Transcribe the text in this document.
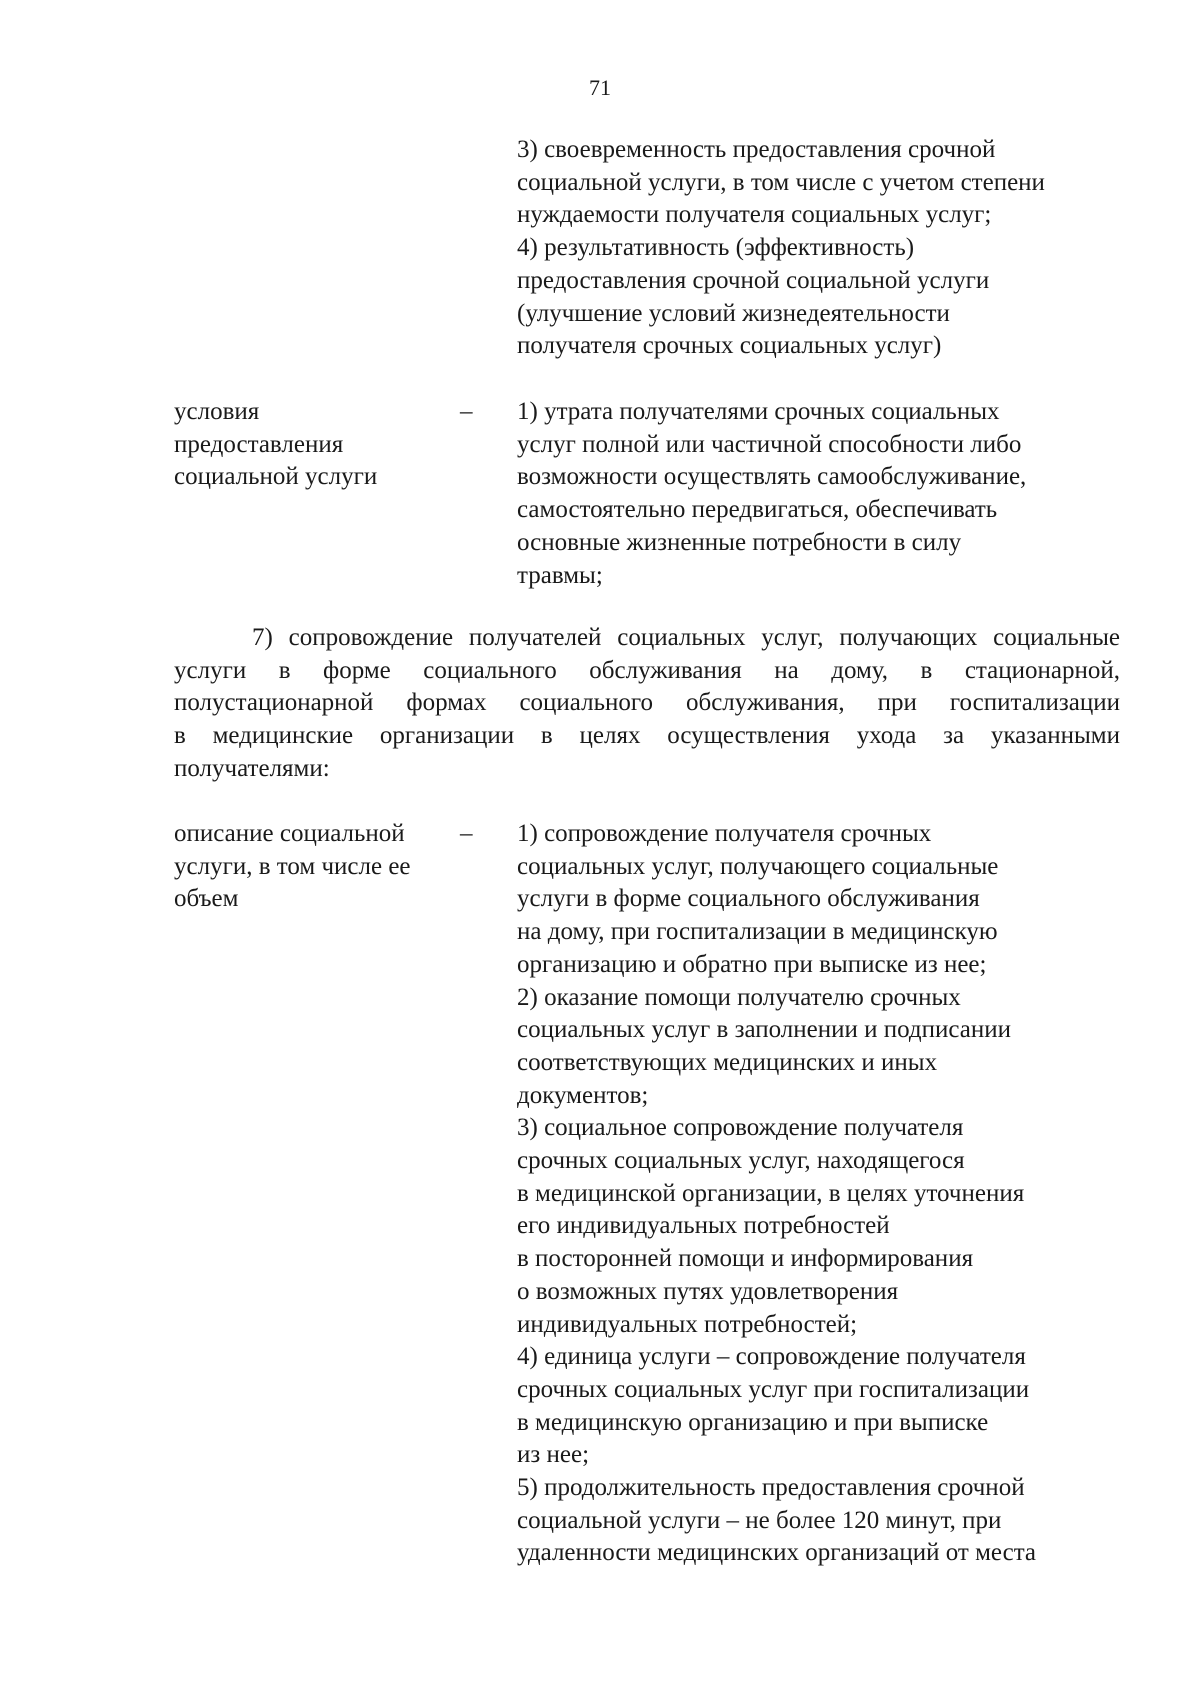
71
3) своевременность предоставления срочной
социальной услуги, в том числе с учетом степени
нуждаемости получателя социальных услуг;
4) результативность (эффективность)
предоставления срочной социальной услуги
(улучшение условий жизнедеятельности
получателя срочных социальных услуг)
условия
предоставления
социальной услуги
– 1) утрата получателями срочных социальных
услуг полной или частичной способности либо
возможности осуществлять самообслуживание,
самостоятельно передвигаться, обеспечивать
основные жизненные потребности в силу
травмы;
7) сопровождение получателей социальных услуг, получающих социальные
услуги в форме социального обслуживания на дому, в стационарной,
полустационарной формах социального обслуживания, при госпитализации
в медицинские организации в целях осуществления ухода за указанными
получателями:
описание социальной
услуги, в том числе ее
объем
– 1) сопровождение получателя срочных
социальных услуг, получающего социальные
услуги в форме социального обслуживания
на дому, при госпитализации в медицинскую
организацию и обратно при выписке из нее;
2) оказание помощи получателю срочных
социальных услуг в заполнении и подписании
соответствующих медицинских и иных
документов;
3) социальное сопровождение получателя
срочных социальных услуг, находящегося
в медицинской организации, в целях уточнения
его индивидуальных потребностей
в посторонней помощи и информирования
о возможных путях удовлетворения
индивидуальных потребностей;
4) единица услуги – сопровождение получателя
срочных социальных услуг при госпитализации
в медицинскую организацию и при выписке
из нее;
5) продолжительность предоставления срочной
социальной услуги – не более 120 минут, при
удаленности медицинских организаций от места
